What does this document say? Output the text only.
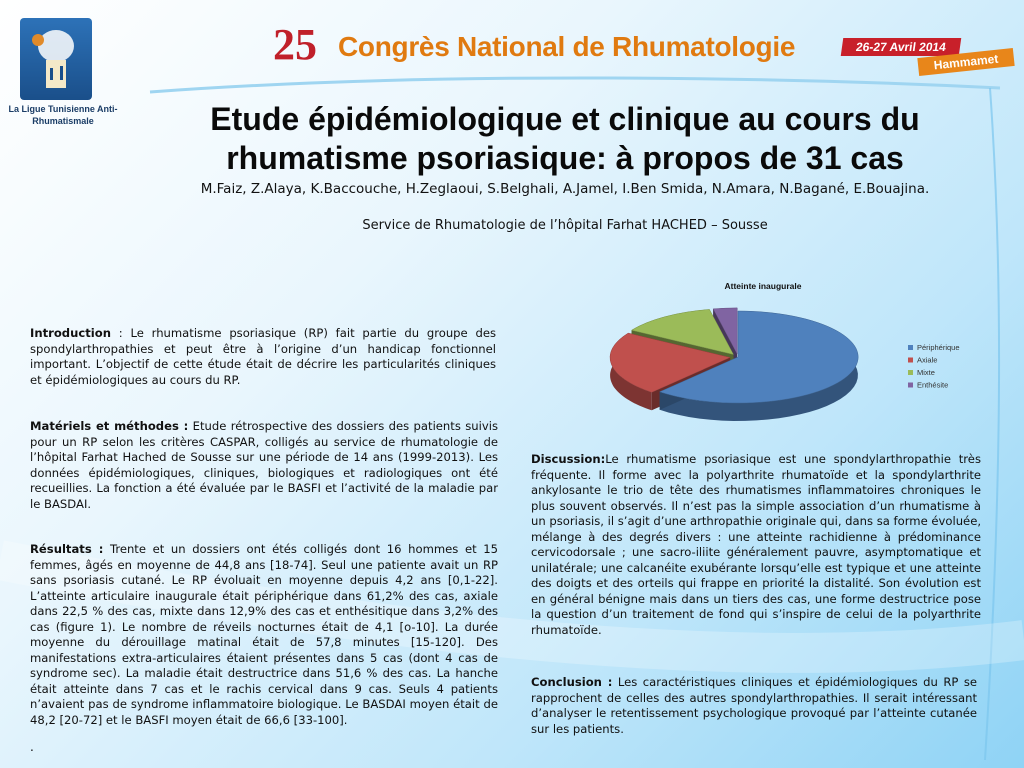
La Ligue Tunisienne Anti-Rhumatismale
25 Congrès National de Rhumatologie	26-27 Avril 2014
Hammamet
Etude épidémiologique et clinique au cours du rhumatisme psoriasique: à propos de 31 cas
M.Faiz, Z.Alaya, K.Baccouche, H.Zeglaoui, S.Belghali, A.Jamel, I.Ben Smida, N.Amara, N.Bagané, E.Bouajina.
Service de Rhumatologie de l’hôpital Farhat HACHED – Sousse
Atteinte inaugurale
Périphérique
Axiale
Mixte
Enthésite
Introduction : Le rhumatisme psoriasique (RP) fait partie du groupe des spondylarthropathies et peut être à l’origine d’un handicap fonctionnel important. L’objectif de cette étude était de décrire les particularités cliniques et épidémiologiques au cours du RP.
Matériels et méthodes : Etude rétrospective des dossiers des patients suivis pour un RP selon les critères CASPAR, colligés au service de rhumatologie de l’hôpital Farhat Hached de Sousse sur une période de 14 ans (1999-2013). Les données épidémiologiques, cliniques, biologiques et radiologiques ont été recueillies. La fonction a été évaluée par le BASFI et l’activité de la maladie par le BASDAI.
Résultats : Trente et un dossiers ont étés colligés dont 16 hommes et 15 femmes, âgés en moyenne de 44,8 ans [18-74]. Seul une patiente avait un RP sans psoriasis cutané. Le RP évoluait en moyenne depuis 4,2 ans [0,1-22]. L’atteinte articulaire inaugurale était périphérique dans 61,2% des cas, axiale dans 22,5 % des cas, mixte dans 12,9% des cas et enthésitique dans 3,2% des cas (figure 1). Le nombre de réveils nocturnes était de 4,1 [o-10]. La durée moyenne du dérouillage matinal était de 57,8 minutes [15-120]. Des manifestations extra-articulaires étaient présentes dans 5 cas (dont 4 cas de syndrome sec). La maladie était destructrice dans 51,6 % des cas. La hanche était atteinte dans 7 cas et le rachis cervical dans 9 cas. Seuls 4 patients n’avaient pas de syndrome inflammatoire biologique. Le BASDAI moyen était de 48,2 [20-72] et le BASFI moyen était de 66,6 [33-100].
.
Discussion:Le rhumatisme psoriasique est une spondylarthropathie très fréquente. Il forme avec la polyarthrite rhumatoïde et la spondylarthrite ankylosante le trio de tête des rhumatismes inflammatoires chroniques le plus souvent observés. Il n’est pas la simple association d’un rhumatisme à un psoriasis, il s’agit d’une arthropathie originale qui, dans sa forme évoluée, mélange à des degrés divers : une atteinte rachidienne à prédominance cervicodorsale ; une sacro-iliite généralement pauvre, asymptomatique et unilatérale; une calcanéite exubérante lorsqu’elle est typique et une atteinte des doigts et des orteils qui frappe en priorité la distalité. Son évolution est en général bénigne mais dans un tiers des cas, une forme destructrice pose la question d’un traitement de fond qui s’inspire de celui de la polyarthrite rhumatoïde.
Conclusion : Les caractéristiques cliniques et épidémiologiques du RP se rapprochent de celles des autres spondylarthropathies. Il serait intéressant d’analyser le retentissement psychologique provoqué par l’atteinte cutanée sur les patients.
